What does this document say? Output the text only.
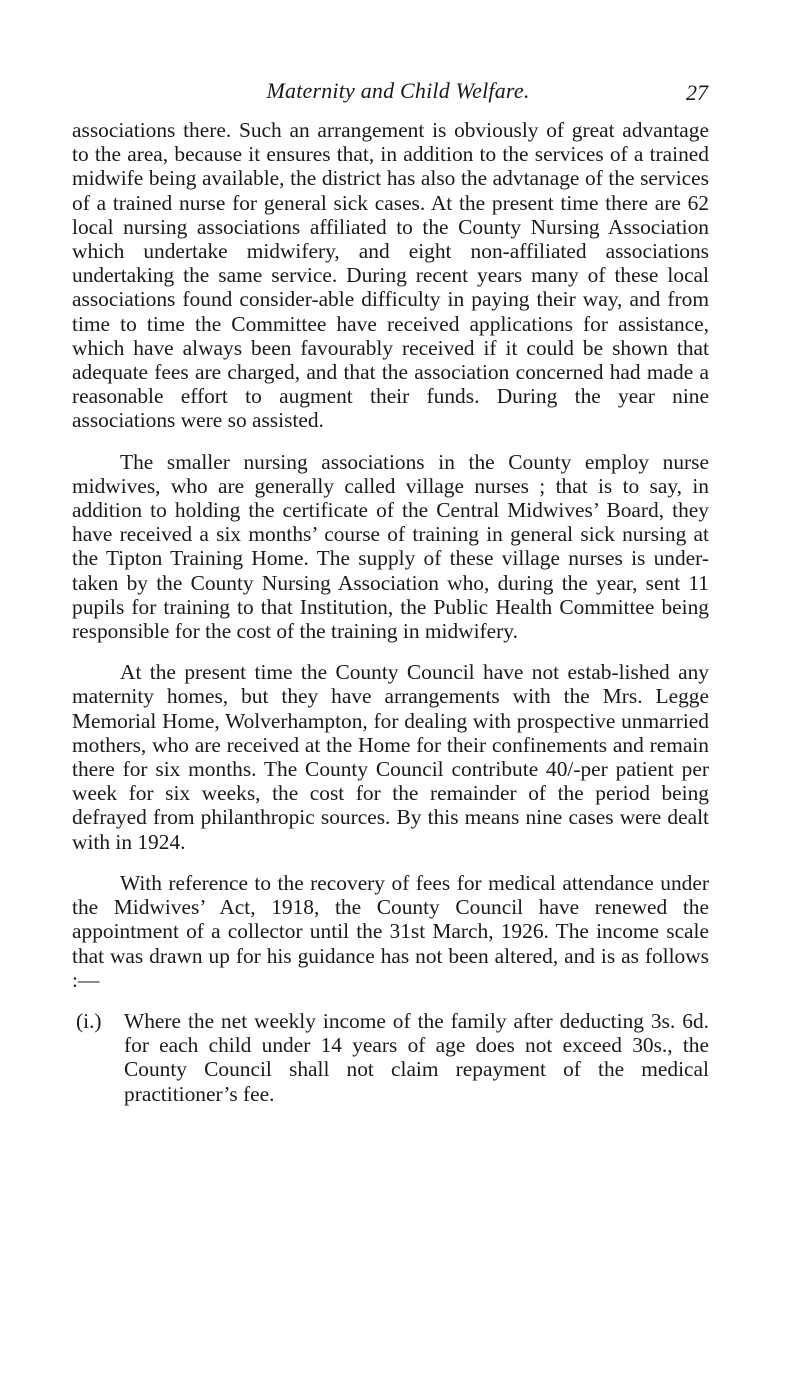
Maternity and Child Welfare.	27

associations there. Such an arrangement is obviously of great advantage to the area, because it ensures that, in addition to the services of a trained midwife being available, the district has also the advtanage of the services of a trained nurse for general sick cases. At the present time there are 62 local nursing associations affiliated to the County Nursing Association which undertake midwifery, and eight non-affiliated associations undertaking the same service. During recent years many of these local associations found consider-able difficulty in paying their way, and from time to time the Committee have received applications for assistance, which have always been favourably received if it could be shown that adequate fees are charged, and that the association concerned had made a reasonable effort to augment their funds. During the year nine associations were so assisted.

The smaller nursing associations in the County employ nurse midwives, who are generally called village nurses ; that is to say, in addition to holding the certificate of the Central Midwives’ Board, they have received a six months’ course of training in general sick nursing at the Tipton Training Home. The supply of these village nurses is under-taken by the County Nursing Association who, during the year, sent 11 pupils for training to that Institution, the Public Health Committee being responsible for the cost of the training in midwifery.

At the present time the County Council have not estab-lished any maternity homes, but they have arrangements with the Mrs. Legge Memorial Home, Wolverhampton, for dealing with prospective unmarried mothers, who are received at the Home for their confinements and remain there for six months. The County Council contribute 40/-per patient per week for six weeks, the cost for the remainder of the period being defrayed from philanthropic sources. By this means nine cases were dealt with in 1924.

With reference to the recovery of fees for medical attendance under the Midwives’ Act, 1918, the County Council have renewed the appointment of a collector until the 31st March, 1926. The income scale that was drawn up for his guidance has not been altered, and is as follows :—

(i.) Where the net weekly income of the family after deducting 3s. 6d. for each child under 14 years of age does not exceed 30s., the County Council shall not claim repayment of the medical practitioner’s fee.
